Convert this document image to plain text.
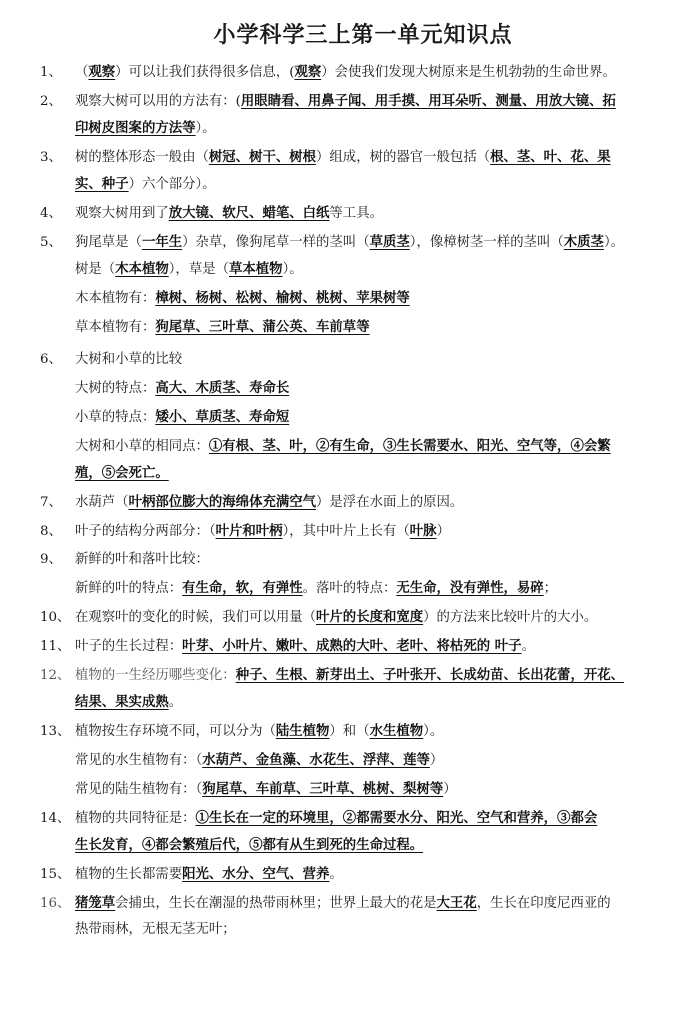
小学科学三上第一单元知识点

1、 （观察）可以让我们获得很多信息，(观察）会使我们发现大树原来是生机勃勃的生命世界。

2、 观察大树可以用的方法有：(用眼睛看、用鼻子闻、用手摸、用耳朵听、测量、用放大镜、拓

印树皮图案的方法等）。

3、 树的整体形态一般由（树冠、树干、树根）组成，树的器官一般包括（根、茎、叶、花、果

实、种子）六个部分）。

4、 观察大树用到了放大镜、软尺、蜡笔、白纸等工具。

5、 狗尾草是（一年生）杂草，像狗尾草一样的茎叫（草质茎），像樟树茎一样的茎叫（木质茎）。

树是（木本植物），草是（草本植物）。

木本植物有：樟树、杨树、松树、榆树、桃树、苹果树等

草本植物有：狗尾草、三叶草、蒲公英、车前草等

6、 大树和小草的比较

大树的特点：高大、木质茎、寿命长

小草的特点：矮小、草质茎、寿命短

大树和小草的相同点：①有根、茎、叶，②有生命，③生长需要水、阳光、空气等，④会繁

殖，⑤会死亡。

7、 水葫芦（叶柄部位膨大的海绵体充满空气）是浮在水面上的原因。

8、 叶子的结构分两部分：（叶片和叶柄），其中叶片上长有（叶脉）

9、 新鲜的叶和落叶比较：

新鲜的叶的特点：有生命，软，有弹性。落叶的特点：无生命，没有弹性，易碎；

10、 在观察叶的变化的时候，我们可以用量（叶片的长度和宽度）的方法来比较叶片的大小。

11、 叶子的生长过程：叶芽、小叶片、嫩叶、成熟的大叶、老叶、将枯死的 叶子。

12、 植物的一生经历哪些变化：种子、生根、新芽出土、子叶张开、长成幼苗、长出花蕾，开花、

结果、果实成熟。

13、 植物按生存环境不同，可以分为（陆生植物）和（水生植物）。

常见的水生植物有：（水葫芦、金鱼藻、水花生、浮萍、莲等）

常见的陆生植物有：（狗尾草、车前草、三叶草、桃树、梨树等）

14、 植物的共同特征是：①生长在一定的环境里，②都需要水分、阳光、空气和营养，③都会

生长发育，④都会繁殖后代，⑤都有从生到死的生命过程。

15、 植物的生长都需要阳光、水分、空气、营养。

16、 猪笼草会捕虫，生长在潮湿的热带雨林里；世界上最大的花是大王花，生长在印度尼西亚的

热带雨林，无根无茎无叶；
